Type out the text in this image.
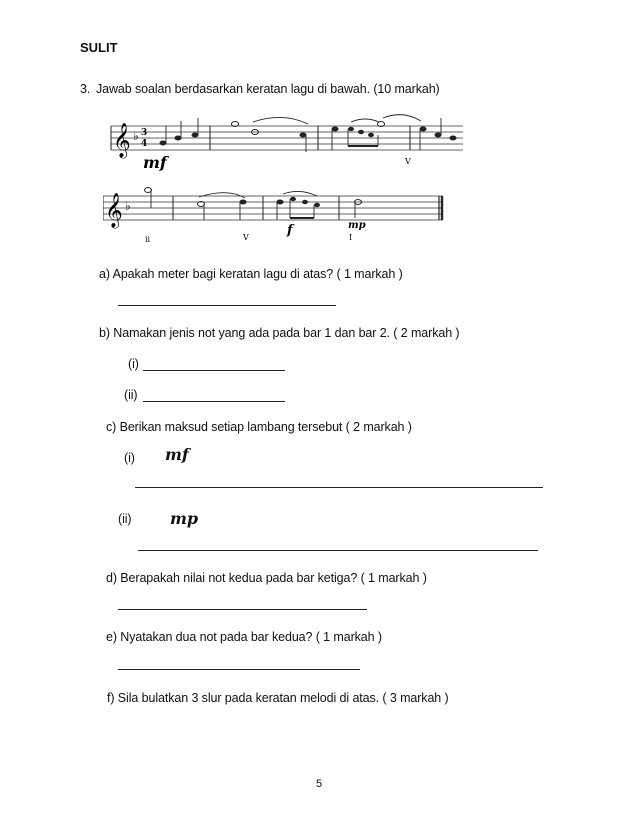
SULIT
3. Jawab soalan berdasarkan keratan lagu di bawah. (10 markah)
𝄞 ♭ 3
4
mf	V
𝄞 ♭
f	mp
ii	V	I
a) Apakah meter bagi keratan lagu di atas? ( 1 markah )
b) Namakan jenis not yang ada pada bar 1 dan bar 2. ( 2 markah )
(i)
(ii)
c) Berikan maksud setiap lambang tersebut ( 2 markah )
(i) mf
(ii) mp
d) Berapakah nilai not kedua pada bar ketiga? ( 1 markah )
e) Nyatakan dua not pada bar kedua? ( 1 markah )
f) Sila bulatkan 3 slur pada keratan melodi di atas. ( 3 markah )
5
